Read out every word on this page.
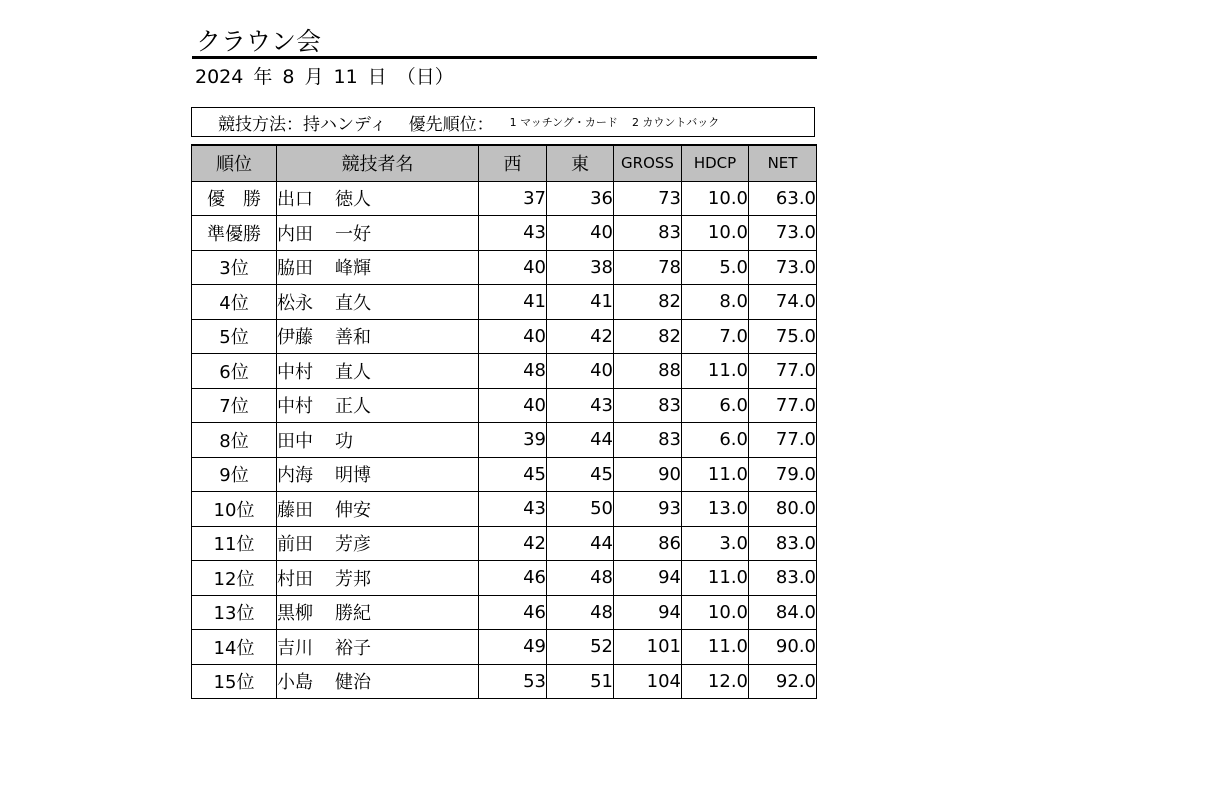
クラウン会
2024 年 8 月 11 日 （日）
競技方法： 持ハンディ 優先順位： 1 マッチング・カード 2 カウントバック
順位	競技者名	西	東	GROSS	HDCP	NET
優　勝	出口 徳人	37	36	73	10.0	63.0
準優勝	内田 一好	43	40	83	10.0	73.0
3位	脇田 峰輝	40	38	78	5.0	73.0
4位	松永 直久	41	41	82	8.0	74.0
5位	伊藤 善和	40	42	82	7.0	75.0
6位	中村 直人	48	40	88	11.0	77.0
7位	中村 正人	40	43	83	6.0	77.0
8位	田中 功	39	44	83	6.0	77.0
9位	内海 明博	45	45	90	11.0	79.0
10位	藤田 伸安	43	50	93	13.0	80.0
11位	前田 芳彦	42	44	86	3.0	83.0
12位	村田 芳邦	46	48	94	11.0	83.0
13位	黒柳 勝紀	46	48	94	10.0	84.0
14位	吉川 裕子	49	52	101	11.0	90.0
15位	小島 健治	53	51	104	12.0	92.0
